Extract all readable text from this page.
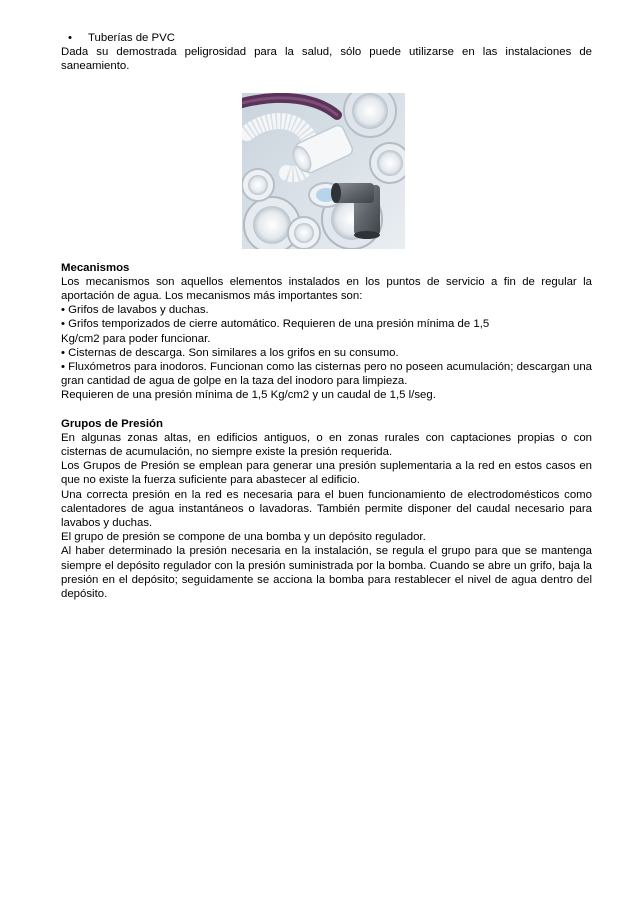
• Tuberías de PVC

Dada su demostrada peligrosidad para la salud, sólo puede utilizarse en las instalaciones de saneamiento.

Mecanismos

Los mecanismos son aquellos elementos instalados en los puntos de servicio a fin de regular la aportación de agua. Los mecanismos más importantes son:

• Grifos de lavabos y duchas.

• Grifos temporizados de cierre automático. Requieren de una presión mínima de 1,5

Kg/cm2 para poder funcionar.

• Cisternas de descarga. Son similares a los grifos en su consumo.

• Fluxómetros para inodoros. Funcionan como las cisternas pero no poseen acumulación; descargan una gran cantidad de agua de golpe en la taza del inodoro para limpieza.

Requieren de una presión mínima de 1,5 Kg/cm2 y un caudal de 1,5 l/seg.

Grupos de Presión

En algunas zonas altas, en edificios antiguos, o en zonas rurales con captaciones propias o con cisternas de acumulación, no siempre existe la presión requerida.

Los Grupos de Presión se emplean para generar una presión suplementaria a la red en estos casos en que no existe la fuerza suficiente para abastecer al edificio.

Una correcta presión en la red es necesaria para el buen funcionamiento de electrodomésticos como calentadores de agua instantáneos o lavadoras. También permite disponer del caudal necesario para lavabos y duchas.

El grupo de presión se compone de una bomba y un depósito regulador.

Al haber determinado la presión necesaria en la instalación, se regula el grupo para que se mantenga siempre el depósito regulador con la presión suministrada por la bomba. Cuando se abre un grifo, baja la presión en el depósito; seguidamente se acciona la bomba para restablecer el nivel de agua dentro del depósito.
